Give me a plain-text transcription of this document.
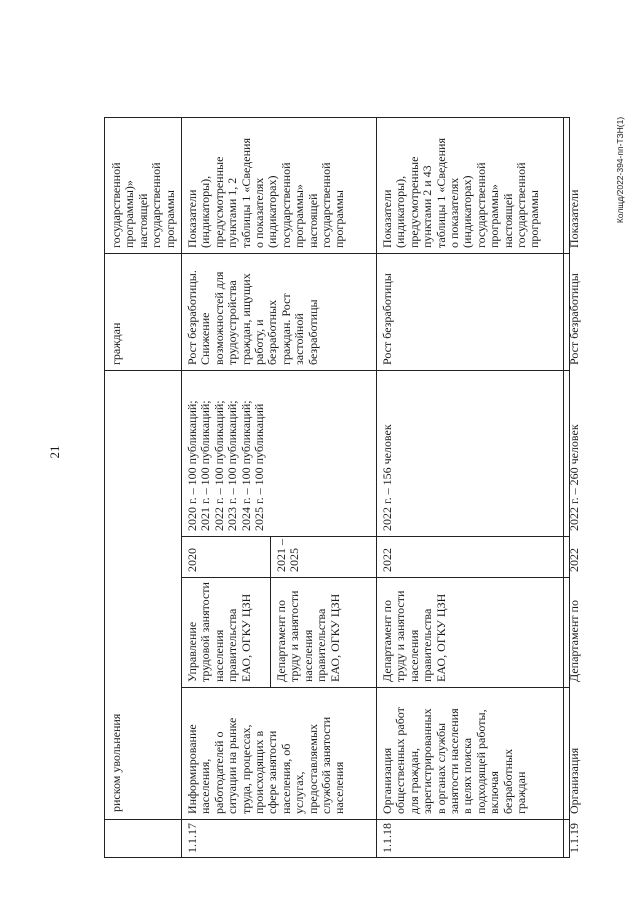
21
Колщд/2022-394-пп-ТЗН(1)
риском увольнения
граждан
государственной
программы)»
настоящей
государственной
программы
1.1.17
Информирование
населения,
работодателей о
ситуации на рынке
труда, процессах,
происходящих в
сфере занятости
населения, об
услугах,
предоставляемых
службой занятости
населения
Управление
трудовой занятости
населения
правительства
ЕАО, ОГКУ ЦЗН
2020
Департамент по
труду и занятости
населения
правительства
ЕАО, ОГКУ ЦЗН
2021 –
2025
2020 г. – 100 публикаций;
2021 г. – 100 публикаций;
2022 г. – 100 публикаций;
2023 г. – 100 публикаций;
2024 г. – 100 публикаций;
2025 г. – 100 публикаций
Рост безработицы.
Снижение
возможностей для
трудоустройства
граждан, ищущих
работу, и
безработных
граждан. Рост
застойной
безработицы
Показатели
(индикаторы),
предусмотренные
пунктами 1, 2
таблицы 1 «Сведения
о показателях
(индикаторах)
государственной
программы»
настоящей
государственной
программы
1.1.18
Организация
общественных работ
для граждан,
зарегистрированных
в органах службы
занятости населения
в целях поиска
подходящей работы,
включая
безработных
граждан
Департамент по
труду и занятости
населения
правительства
ЕАО, ОГКУ ЦЗН
2022
2022 г. – 156 человек
Рост безработицы
Показатели
(индикаторы),
предусмотренные
пунктами 2 и 43
таблицы 1 «Сведения
о показателях
(индикаторах)
государственной
программы»
настоящей
государственной
программы
1.1.19
Организация
Департамент по
2022
2022 г. – 260 человек
Рост безработицы
Показатели
